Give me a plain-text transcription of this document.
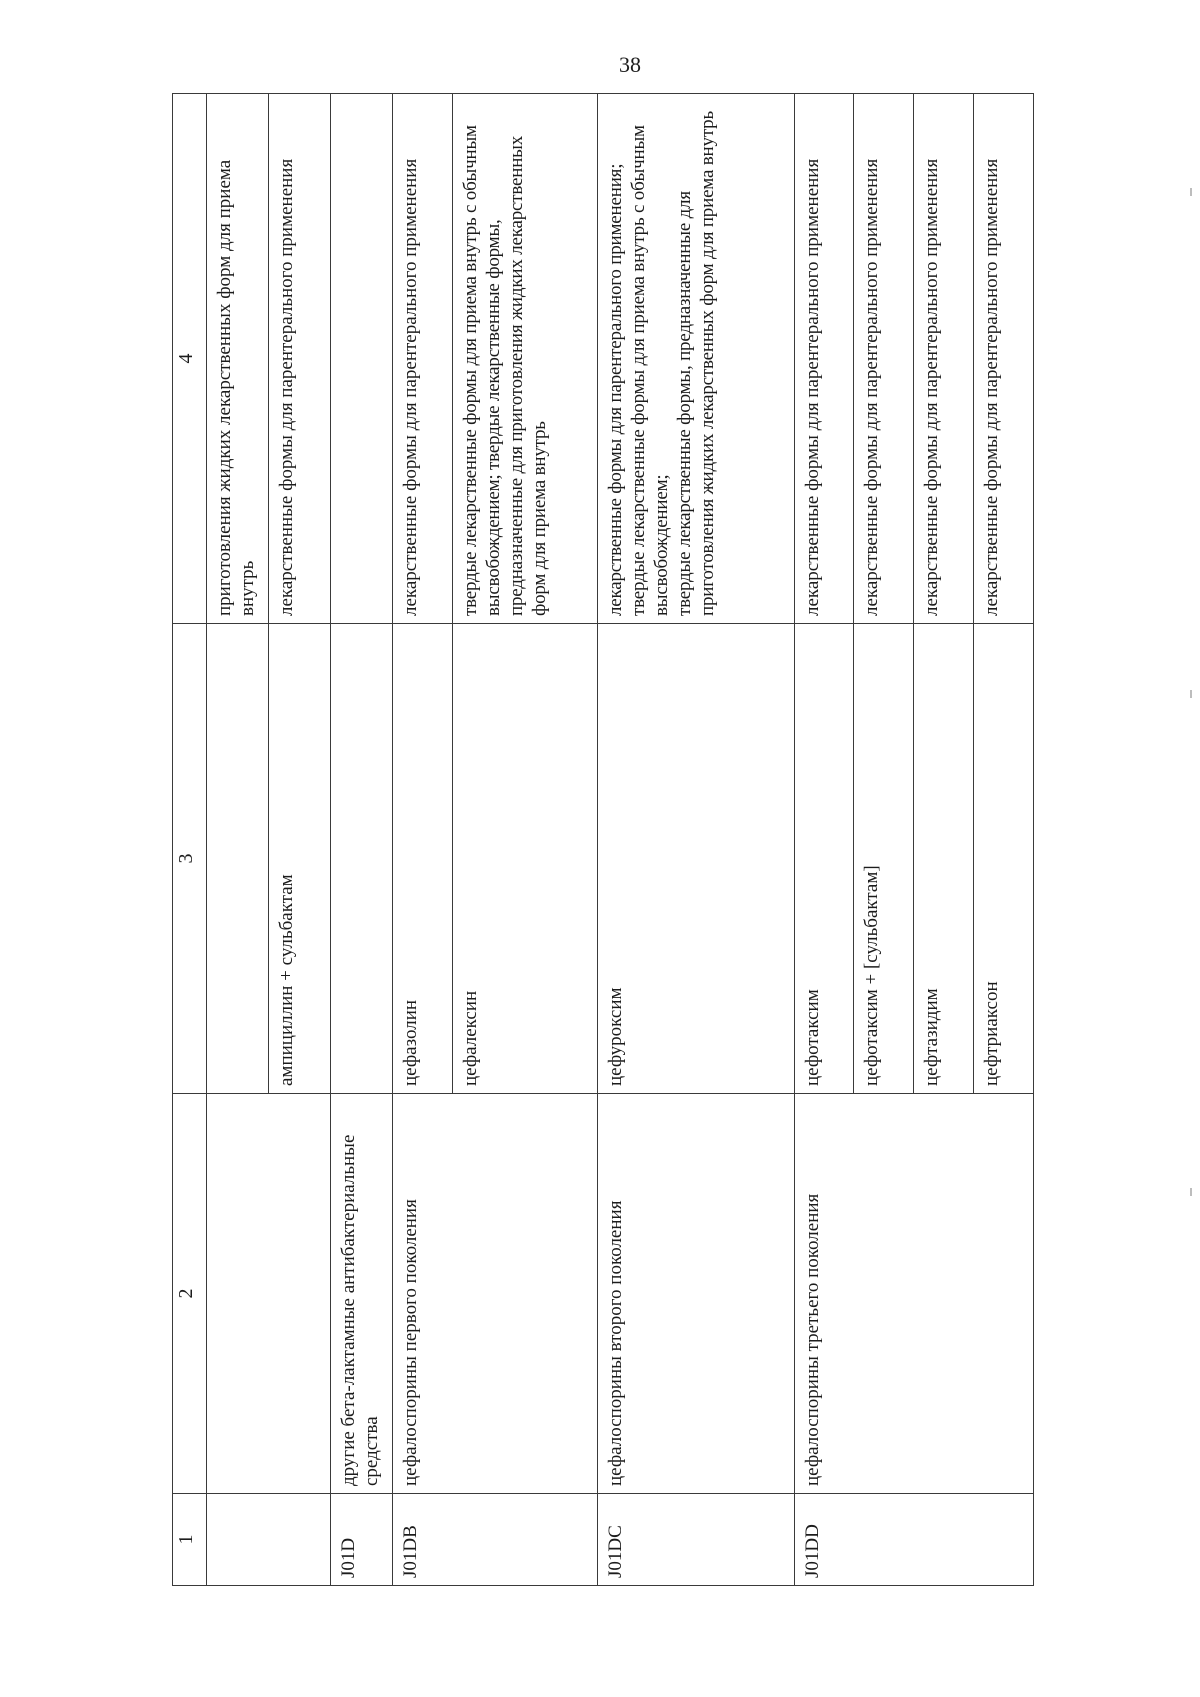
38
1	2	3	4
			приготовления жидких лекарственных форм для приема внутрь
		ампициллин + сульбактам	лекарственные формы для парентерального применения
J01D	другие бета-лактамные антибактериальные средства		
J01DB	цефалоспорины первого поколения	цефазолин	лекарственные формы для парентерального применения
		цефалексин	твердые лекарственные формы для приема внутрь с обычным высвобождением; твердые лекарственные формы, предназначенные для приготовления жидких лекарственных форм для приема внутрь
J01DC	цефалоспорины второго поколения	цефуроксим	лекарственные формы для парентерального применения;
твердые лекарственные формы для приема внутрь с обычным высвобождением;
твердые лекарственные формы, предназначенные для приготовления жидких лекарственных форм для приема внутрь
J01DD	цефалоспорины третьего поколения	цефотаксим	лекарственные формы для парентерального применения
		цефотаксим + [сульбактам]	лекарственные формы для парентерального применения
		цефтазидим	лекарственные формы для парентерального применения
		цефтриаксон	лекарственные формы для парентерального применения
